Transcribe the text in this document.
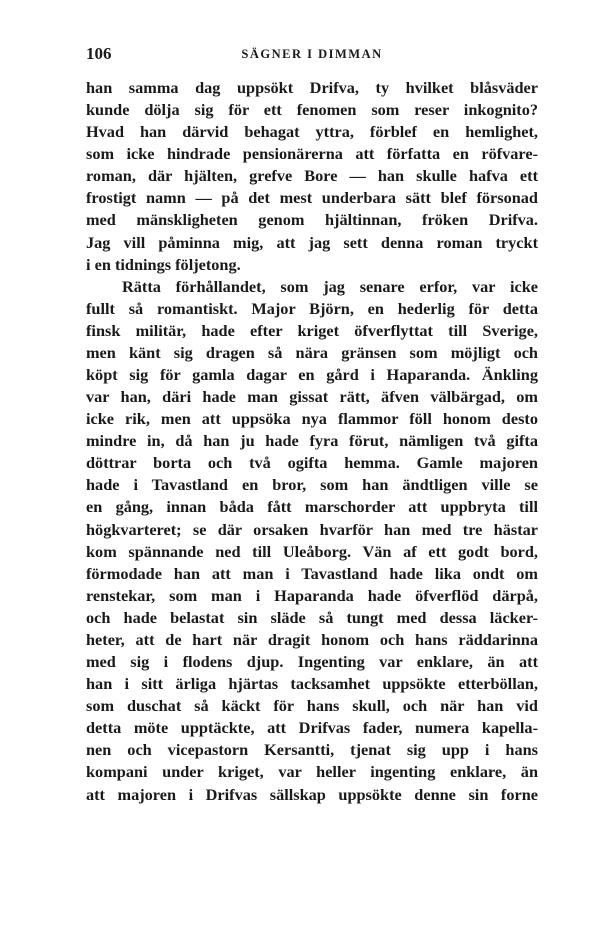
106	SÄGNER I DIMMAN
han samma dag uppsökt Drifva, ty hvilket blåsväder
kunde dölja sig för ett fenomen som reser inkognito?
Hvad han därvid behagat yttra, förblef en hemlighet,
som icke hindrade pensionärerna att författa en röfvare-
roman, där hjälten, grefve Bore — han skulle hafva ett
frostigt namn — på det mest underbara sätt blef försonad
med mänskligheten genom hjältinnan, fröken Drifva.
Jag vill påminna mig, att jag sett denna roman tryckt
i en tidnings följetong.
Rätta förhållandet, som jag senare erfor, var icke
fullt så romantiskt. Major Björn, en hederlig för detta
finsk militär, hade efter kriget öfverflyttat till Sverige,
men känt sig dragen så nära gränsen som möjligt och
köpt sig för gamla dagar en gård i Haparanda. Änkling
var han, däri hade man gissat rätt, äfven välbärgad, om
icke rik, men att uppsöka nya flammor föll honom desto
mindre in, då han ju hade fyra förut, nämligen två gifta
döttrar borta och två ogifta hemma. Gamle majoren
hade i Tavastland en bror, som han ändtligen ville se
en gång, innan båda fått marschorder att uppbryta till
högkvarteret; se där orsaken hvarför han med tre hästar
kom spännande ned till Uleåborg. Vän af ett godt bord,
förmodade han att man i Tavastland hade lika ondt om
renstekar, som man i Haparanda hade öfverflöd därpå,
och hade belastat sin släde så tungt med dessa läcker-
heter, att de hart när dragit honom och hans räddarinna
med sig i flodens djup. Ingenting var enklare, än att
han i sitt ärliga hjärtas tacksamhet uppsökte etterböllan,
som duschat så käckt för hans skull, och när han vid
detta möte upptäckte, att Drifvas fader, numera kapella-
nen och vicepastorn Kersantti, tjenat sig upp i hans
kompani under kriget, var heller ingenting enklare, än
att majoren i Drifvas sällskap uppsökte denne sin forne
